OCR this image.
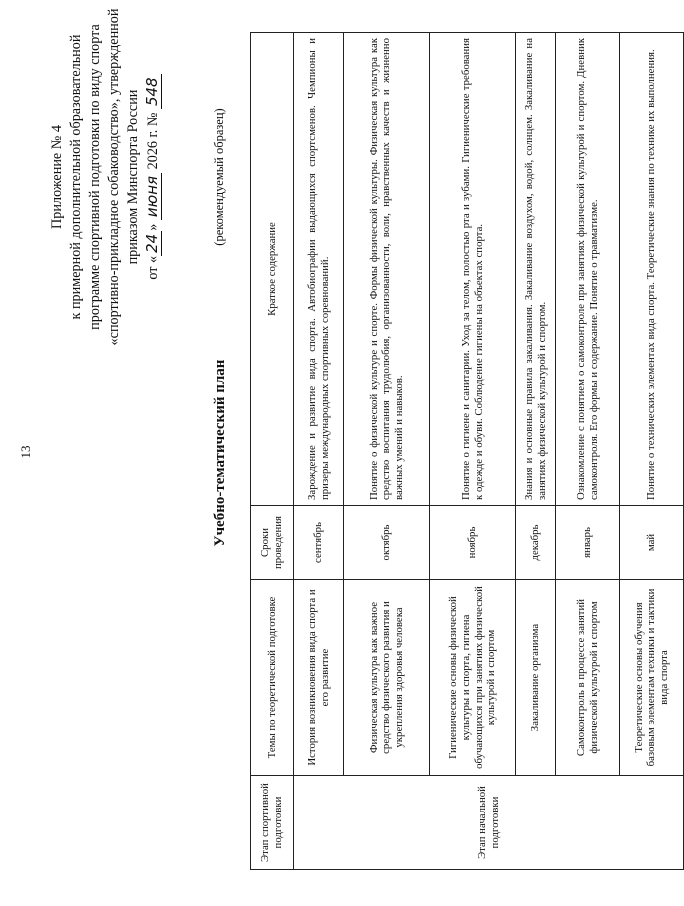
13
Приложение № 4 к примерной дополнительной образовательной программе спортивной подготовки по виду спорта «спортивно-прикладное собаководство», утвержденной приказом Минспорта России
от «24» июня 2026 г. № 548
(рекомендуемый образец)
Учебно-тематический план
Этап спортивной подготовки	Темы по теоретической подготовке	Сроки проведения	Краткое содержание
Этап начальной подготовки	История возникновения вида спорта и его развитие	сентябрь	Зарождение и развитие вида спорта. Автобиографии выдающихся спортсменов. Чемпионы и призеры международных спортивных соревнований.
	Физическая культура как важное средство физического развития и укрепления здоровья человека	октябрь	Понятие о физической культуре и спорте. Формы физической культуры. Физическая культура как средство воспитания трудолюбия, организованности, воли, нравственных качеств и жизненно важных умений и навыков.
	Гигиенические основы физической культуры и спорта, гигиена обучающихся при занятиях физической культурой и спортом	ноябрь	Понятие о гигиене и санитарии. Уход за телом, полостью рта и зубами. Гигиенические требования к одежде и обуви. Соблюдение гигиены на объектах спорта.
	Закаливание организма	декабрь	Знания и основные правила закаливания. Закаливание воздухом, водой, солнцем. Закаливание на занятиях физической культурой и спортом.
	Самоконтроль в процессе занятий физической культурой и спортом	январь	Ознакомление с понятием о самоконтроле при занятиях физической культурой и спортом. Дневник самоконтроля. Его формы и содержание. Понятие о травматизме.
	Теоретические основы обучения базовым элементам техники и тактики вида спорта	май	Понятие о технических элементах вида спорта. Теоретические знания по технике их выполнения.
